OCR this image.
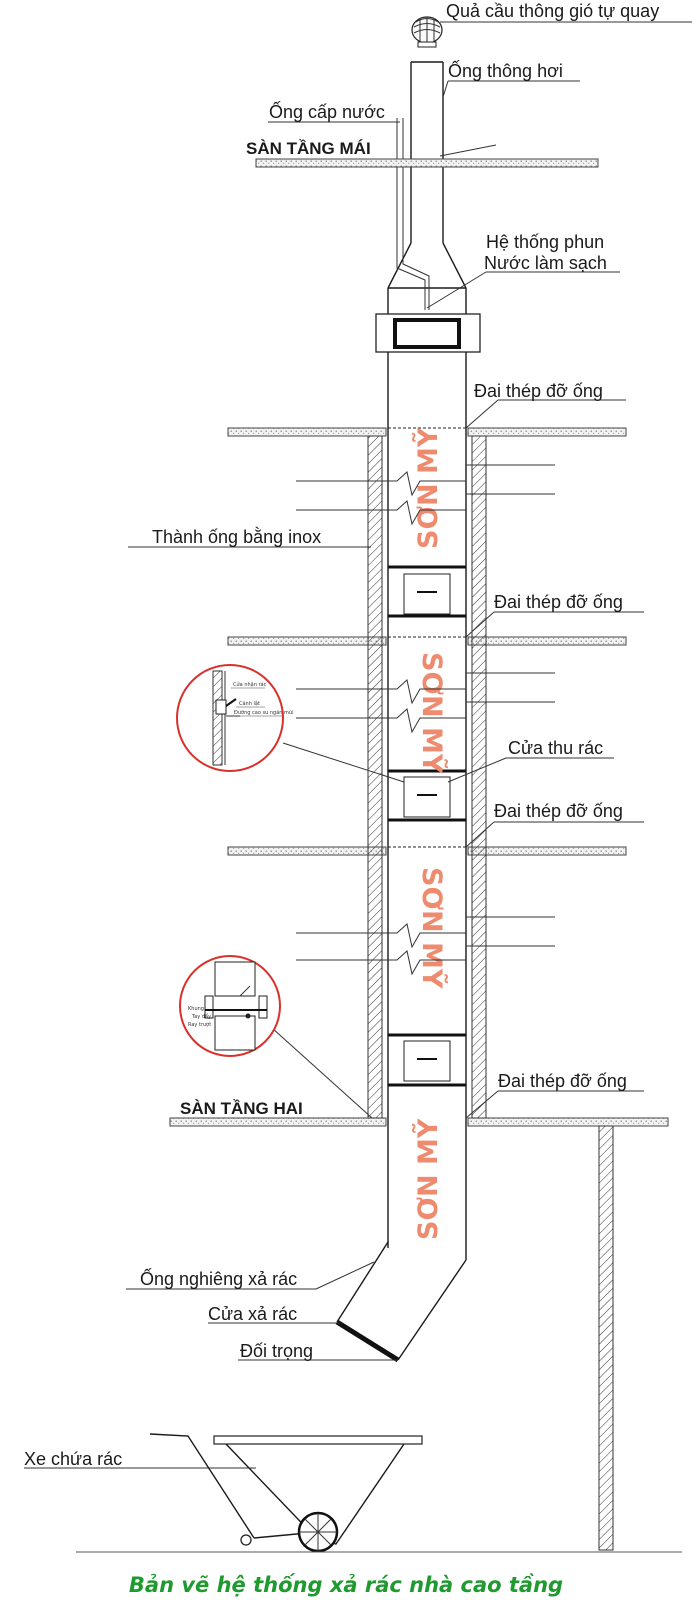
SƠN MỸ
SƠN MỸ
SƠN MỸ
SƠN MỸ
Cửa nhận rác
Cánh lật
Đường cao su ngăn mùi
Khung
Tay đẩy
Ray trượt
Quả cầu thông gió tự quay
Ống thông hơi
Ống cấp nước
SÀN TẦNG MÁI
Hệ thống phun
Nước làm sạch
Đai thép đỡ ống
Thành ống bằng inox
Đai thép đỡ ống
Cửa thu rác
Đai thép đỡ ống
Đai thép đỡ ống
SÀN TẦNG HAI
Ống nghiêng xả rác
Cửa xả rác
Đối trọng
Xe chứa rác
Bản vẽ hệ thống xả rác nhà cao tầng
